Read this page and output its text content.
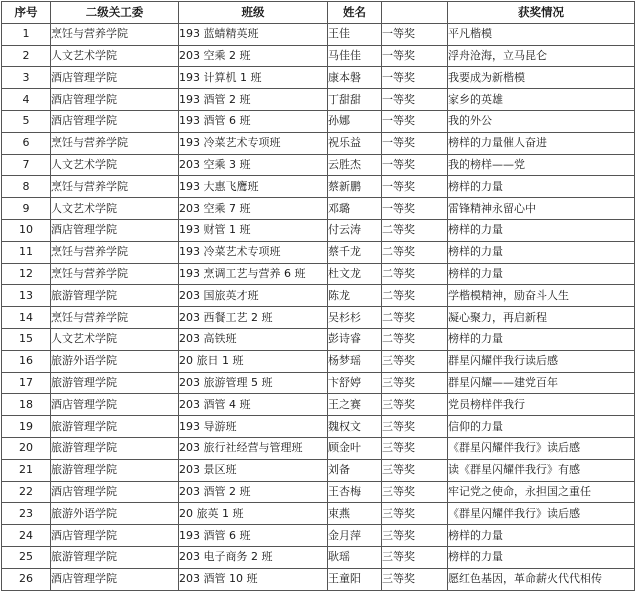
序号	二级关工委	班级	姓名		获奖情况
1	烹饪与营养学院	193 蓝蜻精英班	王佳	一等奖	平凡楷模
2	人文艺术学院	203 空乘 2 班	马佳佳	一等奖	浮舟沧海，立马昆仑
3	酒店管理学院	193 计算机 1 班	康本磐	一等奖	我要成为新楷模
4	酒店管理学院	193 酒管 2 班	丁甜甜	一等奖	家乡的英雄
5	酒店管理学院	193 酒管 6 班	孙娜	一等奖	我的外公
6	烹饪与营养学院	193 冷菜艺术专项班	祝乐益	一等奖	榜样的力量催人奋进
7	人文艺术学院	203 空乘 3 班	云胜杰	一等奖	我的榜样——党
8	烹饪与营养学院	193 大惠飞鹰班	蔡新鹏	一等奖	榜样的力量
9	人文艺术学院	203 空乘 7 班	邓璐	一等奖	雷锋精神永留心中
10	酒店管理学院	193 财管 1 班	付云涛	二等奖	榜样的力量
11	烹饪与营养学院	193 冷菜艺术专项班	蔡千龙	二等奖	榜样的力量
12	烹饪与营养学院	193 烹调工艺与营养 6 班	杜文龙	二等奖	榜样的力量
13	旅游管理学院	203 国旅英才班	陈龙	二等奖	学楷模精神，励奋斗人生
14	烹饪与营养学院	203 西餐工艺 2 班	吴杉杉	二等奖	凝心聚力，再启新程
15	人文艺术学院	203 高铁班	彭诗睿	二等奖	榜样的力量
16	旅游外语学院	20 旅日 1 班	杨梦瑶	三等奖	群星闪耀伴我行读后感
17	旅游管理学院	203 旅游管理 5 班	卞舒婷	三等奖	群星闪耀——建党百年
18	酒店管理学院	203 酒管 4 班	王之赛	三等奖	党员榜样伴我行
19	旅游管理学院	193 导游班	魏权文	三等奖	信仰的力量
20	旅游管理学院	203 旅行社经营与管理班	顾金叶	三等奖	《群星闪耀伴我行》读后感
21	旅游管理学院	203 景区班	刘备	三等奖	读《群星闪耀伴我行》有感
22	酒店管理学院	203 酒管 2 班	王杏梅	三等奖	牢记党之使命，永担国之重任
23	旅游外语学院	20 旅英 1 班	束燕	三等奖	《群星闪耀伴我行》读后感
24	酒店管理学院	193 酒管 6 班	金月萍	三等奖	榜样的力量
25	旅游管理学院	203 电子商务 2 班	耿瑶	三等奖	榜样的力量
26	酒店管理学院	203 酒管 10 班	王童阳	三等奖	愿红色基因，革命薪火代代相传
